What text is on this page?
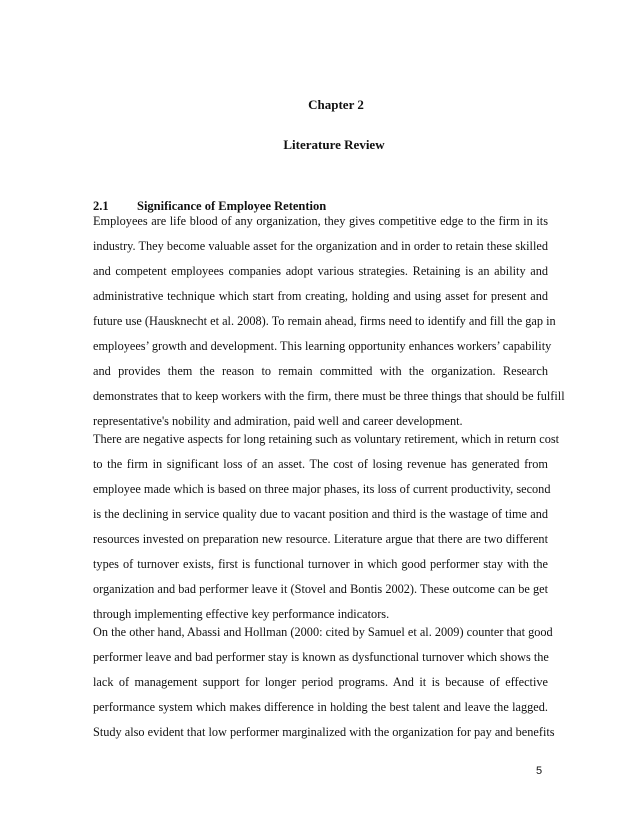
Chapter 2
Literature Review
2.1 Significance of Employee Retention
Employees are life blood of any organization, they gives competitive edge to the firm in its
industry. They become valuable asset for the organization and in order to retain these skilled
and competent employees companies adopt various strategies. Retaining is an ability and
administrative technique which start from creating, holding and using asset for present and
future use (Hausknecht et al. 2008). To remain ahead, firms need to identify and fill the gap in
employees’ growth and development. This learning opportunity enhances workers’ capability
and provides them the reason to remain committed with the organization. Research
demonstrates that to keep workers with the firm, there must be three things that should be fulfill
representative's nobility and admiration, paid well and career development.
There are negative aspects for long retaining such as voluntary retirement, which in return cost
to the firm in significant loss of an asset. The cost of losing revenue has generated from
employee made which is based on three major phases, its loss of current productivity, second
is the declining in service quality due to vacant position and third is the wastage of time and
resources invested on preparation new resource. Literature argue that there are two different
types of turnover exists, first is functional turnover in which good performer stay with the
organization and bad performer leave it (Stovel and Bontis 2002). These outcome can be get
through implementing effective key performance indicators.
On the other hand, Abassi and Hollman (2000: cited by Samuel et al. 2009) counter that good
performer leave and bad performer stay is known as dysfunctional turnover which shows the
lack of management support for longer period programs. And it is because of effective
performance system which makes difference in holding the best talent and leave the lagged.
Study also evident that low performer marginalized with the organization for pay and benefits
5
